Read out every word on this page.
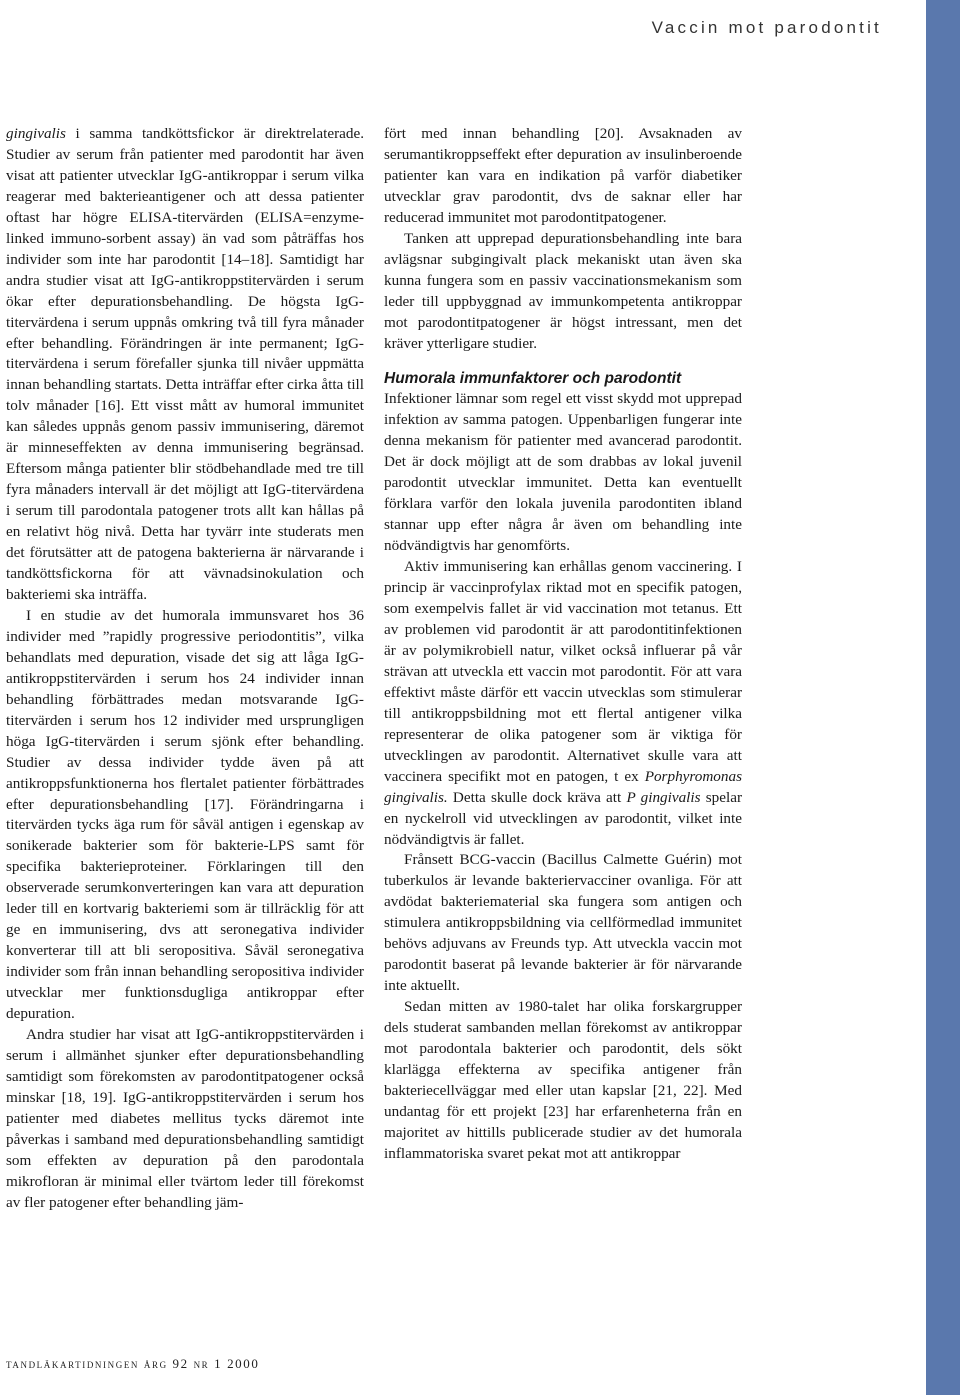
Vaccin mot parodontit

gingivalis i samma tandköttsfickor är direktrelaterade. Studier av serum från patienter med parodontit har även visat att patienter utvecklar IgG-antikroppar i serum vilka reagerar med bakterieantigener och att dessa patienter oftast har högre ELISA-titervärden (ELISA=enzyme-linked immuno-sorbent assay) än vad som påträffas hos individer som inte har parodontit [14–18]. Samtidigt har andra studier visat att IgG-antikroppstitervärden i serum ökar efter depurationsbehandling. De högsta IgG-titervärdena i serum uppnås omkring två till fyra månader efter behandling. Förändringen är inte permanent; IgG-titervärdena i serum förefaller sjunka till nivåer uppmätta innan behandling startats. Detta inträffar efter cirka åtta till tolv månader [16]. Ett visst mått av humoral immunitet kan således uppnås genom passiv immunisering, däremot är minneseffekten av denna immunisering begränsad. Eftersom många patienter blir stödbehandlade med tre till fyra månaders intervall är det möjligt att IgG-titervärdena i serum till parodontala patogener trots allt kan hållas på en relativt hög nivå. Detta har tyvärr inte studerats men det förutsätter att de patogena bakterierna är närvarande i tandköttsfickorna för att vävnadsinokulation och bakteriemi ska inträffa.

I en studie av det humorala immunsvaret hos 36 individer med ”rapidly progressive periodontitis”, vilka behandlats med depuration, visade det sig att låga IgG-antikroppstitervärden i serum hos 24 individer innan behandling förbättrades medan motsvarande IgG-titervärden i serum hos 12 individer med ursprungligen höga IgG-titervärden i serum sjönk efter behandling. Studier av dessa individer tydde även på att antikroppsfunktionerna hos flertalet patienter förbättrades efter depurationsbehandling [17]. Förändringarna i titervärden tycks äga rum för såväl antigen i egenskap av sonikerade bakterier som för bakterie-LPS samt för specifika bakterieproteiner. Förklaringen till den observerade serumkonverteringen kan vara att depuration leder till en kortvarig bakteriemi som är tillräcklig för att ge en immunisering, dvs att seronegativa individer konverterar till att bli seropositiva. Såväl seronegativa individer som från innan behandling seropositiva individer utvecklar mer funktionsdugliga antikroppar efter depuration.

Andra studier har visat att IgG-antikroppstitervärden i serum i allmänhet sjunker efter depurationsbehandling samtidigt som förekomsten av parodontitpatogener också minskar [18, 19]. IgG-antikroppstitervärden i serum hos patienter med diabetes mellitus tycks däremot inte påverkas i samband med depurationsbehandling samtidigt som effekten av depuration på den parodontala mikrofloran är minimal eller tvärtom leder till förekomst av fler patogener efter behandling jäm-

fört med innan behandling [20]. Avsaknaden av serumantikroppseffekt efter depuration av insulinberoende patienter kan vara en indikation på varför diabetiker utvecklar grav parodontit, dvs de saknar eller har reducerad immunitet mot parodontitpatogener.

Tanken att upprepad depurationsbehandling inte bara avlägsnar subgingivalt plack mekaniskt utan även ska kunna fungera som en passiv vaccinationsmekanism som leder till uppbyggnad av immunkompetenta antikroppar mot parodontitpatogener är högst intressant, men det kräver ytterligare studier.

Humorala immunfaktorer och parodontit

Infektioner lämnar som regel ett visst skydd mot upprepad infektion av samma patogen. Uppenbarligen fungerar inte denna mekanism för patienter med avancerad parodontit. Det är dock möjligt att de som drabbas av lokal juvenil parodontit utvecklar immunitet. Detta kan eventuellt förklara varför den lokala juvenila parodontiten ibland stannar upp efter några år även om behandling inte nödvändigtvis har genomförts.

Aktiv immunisering kan erhållas genom vaccinering. I princip är vaccinprofylax riktad mot en specifik patogen, som exempelvis fallet är vid vaccination mot tetanus. Ett av problemen vid parodontit är att parodontitinfektionen är av polymikrobiell natur, vilket också influerar på vår strävan att utveckla ett vaccin mot parodontit. För att vara effektivt måste därför ett vaccin utvecklas som stimulerar till antikroppsbildning mot ett flertal antigener vilka representerar de olika patogener som är viktiga för utvecklingen av parodontit. Alternativet skulle vara att vaccinera specifikt mot en patogen, t ex Porphyromonas gingivalis. Detta skulle dock kräva att P gingivalis spelar en nyckelroll vid utvecklingen av parodontit, vilket inte nödvändigtvis är fallet.

Frånsett BCG-vaccin (Bacillus Calmette Guérin) mot tuberkulos är levande bakteriervacciner ovanliga. För att avdödat bakteriematerial ska fungera som antigen och stimulera antikroppsbildning via cellförmedlad immunitet behövs adjuvans av Freunds typ. Att utveckla vaccin mot parodontit baserat på levande bakterier är för närvarande inte aktuellt.

Sedan mitten av 1980-talet har olika forskargrupper dels studerat sambanden mellan förekomst av antikroppar mot parodontala bakterier och parodontit, dels sökt klarlägga effekterna av specifika antigener från bakteriecellväggar med eller utan kapslar [21, 22]. Med undantag för ett projekt [23] har erfarenheterna från en majoritet av hittills publicerade studier av det humorala inflammatoriska svaret pekat mot att antikroppar

tandläkartidningen årg 92 nr 1 2000
